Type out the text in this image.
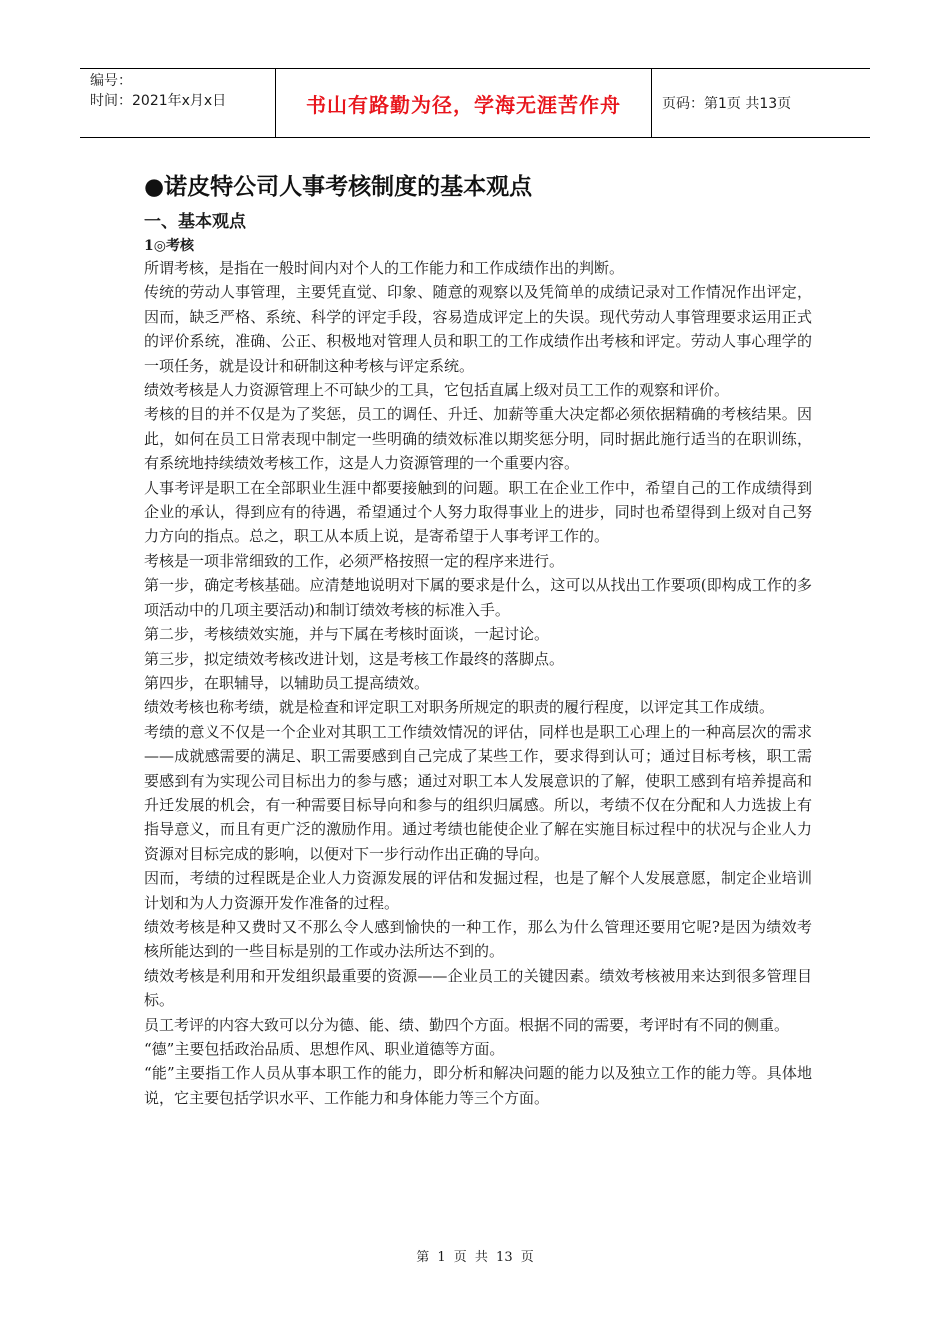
编号：
时间：2021年x月x日	书山有路勤为径，学海无涯苦作舟	页码：第1页 共13页
●诺皮特公司人事考核制度的基本观点
一、基本观点
1◎考核

所谓考核，是指在一般时间内对个人的工作能力和工作成绩作出的判断。

传统的劳动人事管理，主要凭直觉、印象、随意的观察以及凭简单的成绩记录对工作情况作出评定，因而，缺乏严格、系统、科学的评定手段，容易造成评定上的失误。现代劳动人事管理要求运用正式的评价系统，准确、公正、积极地对管理人员和职工的工作成绩作出考核和评定。劳动人事心理学的一项任务，就是设计和研制这种考核与评定系统。

绩效考核是人力资源管理上不可缺少的工具，它包括直属上级对员工工作的观察和评价。

考核的目的并不仅是为了奖惩，员工的调任、升迁、加薪等重大决定都必须依据精确的考核结果。因此，如何在员工日常表现中制定一些明确的绩效标准以期奖惩分明，同时据此施行适当的在职训练，有系统地持续绩效考核工作，这是人力资源管理的一个重要内容。

人事考评是职工在全部职业生涯中都要接触到的问题。职工在企业工作中，希望自己的工作成绩得到企业的承认，得到应有的待遇，希望通过个人努力取得事业上的进步，同时也希望得到上级对自己努力方向的指点。总之，职工从本质上说，是寄希望于人事考评工作的。

考核是一项非常细致的工作，必须严格按照一定的程序来进行。

第一步，确定考核基础。应清楚地说明对下属的要求是什么，这可以从找出工作要项(即构成工作的多项活动中的几项主要活动)和制订绩效考核的标准入手。

第二步，考核绩效实施，并与下属在考核时面谈，一起讨论。

第三步，拟定绩效考核改进计划，这是考核工作最终的落脚点。

第四步，在职辅导，以辅助员工提高绩效。

绩效考核也称考绩，就是检查和评定职工对职务所规定的职责的履行程度，以评定其工作成绩。

考绩的意义不仅是一个企业对其职工工作绩效情况的评估，同样也是职工心理上的一种高层次的需求——成就感需要的满足、职工需要感到自己完成了某些工作，要求得到认可；通过目标考核，职工需要感到有为实现公司目标出力的参与感；通过对职工本人发展意识的了解，使职工感到有培养提高和升迁发展的机会，有一种需要目标导向和参与的组织归属感。所以，考绩不仅在分配和人力选拔上有指导意义，而且有更广泛的激励作用。通过考绩也能使企业了解在实施目标过程中的状况与企业人力资源对目标完成的影响，以便对下一步行动作出正确的导向。

因而，考绩的过程既是企业人力资源发展的评估和发掘过程，也是了解个人发展意愿，制定企业培训计划和为人力资源开发作准备的过程。

绩效考核是种又费时又不那么令人感到愉快的一种工作，那么为什么管理还要用它呢?是因为绩效考核所能达到的一些目标是别的工作或办法所达不到的。

绩效考核是利用和开发组织最重要的资源——企业员工的关键因素。绩效考核被用来达到很多管理目标。

员工考评的内容大致可以分为德、能、绩、勤四个方面。根据不同的需要，考评时有不同的侧重。

“德”主要包括政治品质、思想作风、职业道德等方面。

“能”主要指工作人员从事本职工作的能力，即分析和解决问题的能力以及独立工作的能力等。具体地说，它主要包括学识水平、工作能力和身体能力等三个方面。

第 1 页 共 13 页
